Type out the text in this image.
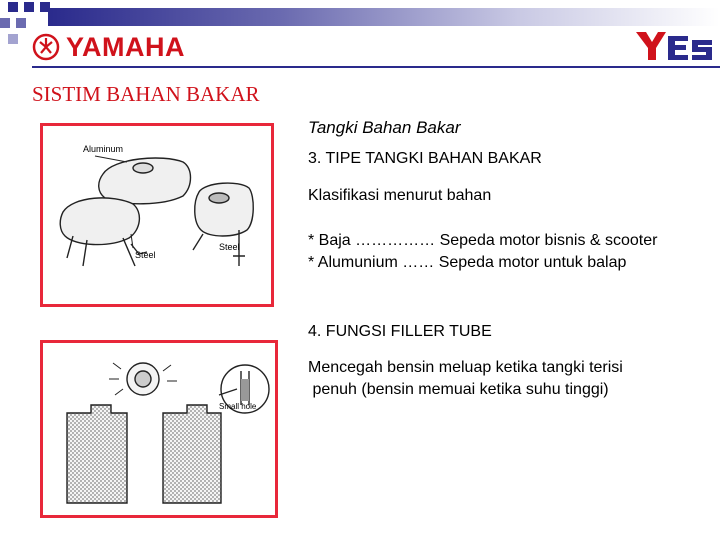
YAMAHA
SISTIM BAHAN BAKAR
Aluminum
Steel
Steel
Small hole
Tangki Bahan Bakar
3. TIPE TANGKI BAHAN BAKAR
Klasifikasi menurut bahan
* Baja …………… Sepeda motor bisnis & scooter
* Alumunium …… Sepeda motor untuk balap
4. FUNGSI FILLER TUBE
Mencegah bensin meluap ketika tangki terisi
penuh (bensin memuai ketika suhu tinggi)
